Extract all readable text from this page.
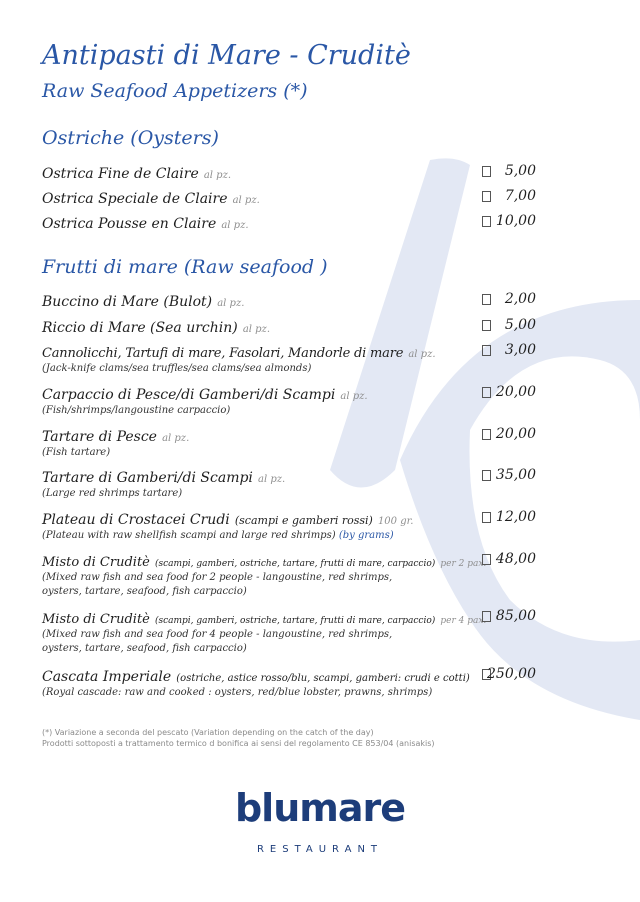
Antipasti di Mare - Cruditè
Raw Seafood Appetizers (*)
Ostriche (Oysters)
Ostrica Fine de Claire al pz.	5,00
Ostrica Speciale de Claire al pz.	7,00
Ostrica Pousse en Claire al pz.	10,00
Frutti di mare (Raw seafood )
Buccino di Mare (Bulot) al pz.	2,00
Riccio di Mare (Sea urchin) al pz.	5,00
Cannolicchi, Tartufi di mare, Fasolari, Mandorle di mare al pz.	3,00
(Jack-knife clams/sea truffles/sea clams/sea almonds)
Carpaccio di Pesce/di Gamberi/di Scampi al pz.	20,00
(Fish/shrimps/langoustine carpaccio)
Tartare di Pesce al pz.	20,00
(Fish tartare)
Tartare di Gamberi/di Scampi al pz.	35,00
(Large red shrimps tartare)
Plateau di Crostacei Crudi (scampi e gamberi rossi) 100 gr.	12,00
(Plateau with raw shellfish scampi and large red shrimps) (by grams)
Misto di Cruditè (scampi, gamberi, ostriche, tartare, frutti di mare, carpaccio) per 2 pax. 48,00
(Mixed raw fish and sea food for 2 people - langoustine, red shrimps, oysters, tartare, seafood, fish carpaccio)
Misto di Cruditè (scampi, gamberi, ostriche, tartare, frutti di mare, carpaccio) per 4 pax. 85,00
(Mixed raw fish and sea food for 4 people - langoustine, red shrimps, oysters, tartare, seafood, fish carpaccio)
Cascata Imperiale (ostriche, astice rosso/blu, scampi, gamberi: crudi e cotti) 250,00
(Royal cascade: raw and cooked : oysters, red/blue lobster, prawns, shrimps)
(*) Variazione a seconda del pescato (Variation depending on the catch of the day)
Prodotti sottoposti a trattamento termico d bonifica ai sensi del regolamento CE 853/04 (anisakis)
blumare
RESTAURANT
